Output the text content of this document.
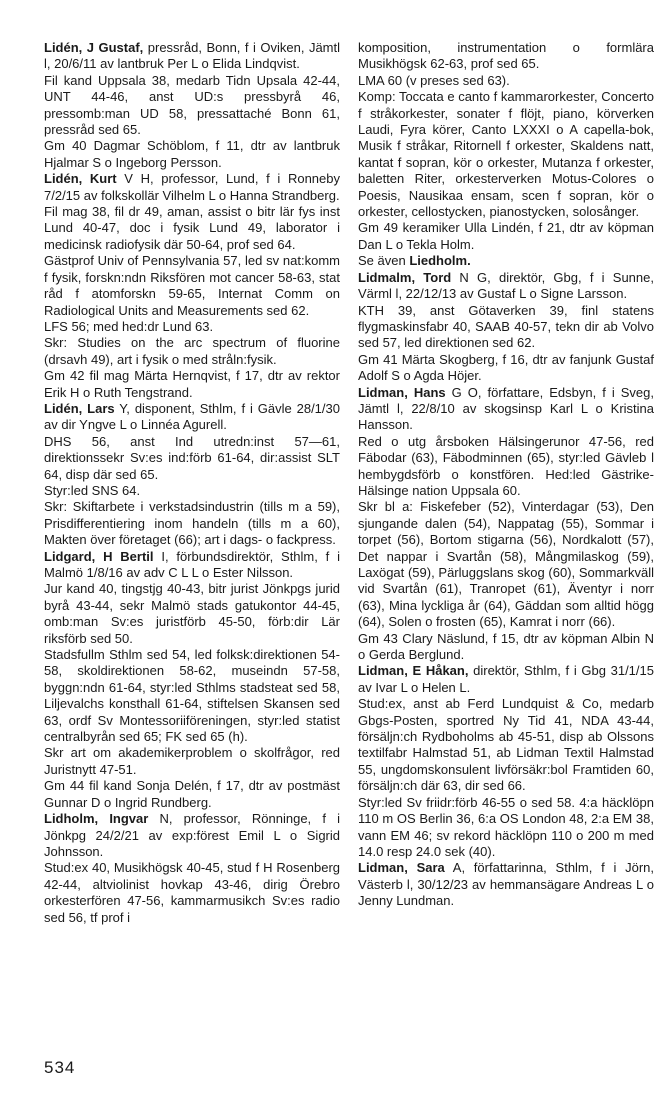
Lidén, J Gustaf, pressråd, Bonn, f i Oviken, Jämtl l, 20/6/11 av lantbruk Per L o Elida Lindqvist.

Fil kand Uppsala 38, medarb Tidn Upsala 42-44, UNT 44-46, anst UD:s pressbyrå 46, pressomb:man UD 58, pressattaché Bonn 61, pressråd sed 65.

Gm 40 Dagmar Schöblom, f 11, dtr av lantbruk Hjalmar S o Ingeborg Persson.

Lidén, Kurt V H, professor, Lund, f i Ronneby 7/2/15 av folkskollär Vilhelm L o Hanna Strandberg.

Fil mag 38, fil dr 49, aman, assist o bitr lär fys inst Lund 40-47, doc i fysik Lund 49, laborator i medicinsk radiofysik där 50-64, prof sed 64.

Gästprof Univ of Pennsylvania 57, led sv nat:komm f fysik, forskn:ndn Riksfören mot cancer 58-63, stat råd f atomforskn 59-65, Internat Comm on Radiological Units and Measurements sed 62.

LFS 56; med hed:dr Lund 63.

Skr: Studies on the arc spectrum of fluorine (drsavh 49), art i fysik o med stråln:fysik.

Gm 42 fil mag Märta Hernqvist, f 17, dtr av rektor Erik H o Ruth Tengstrand.

Lidén, Lars Y, disponent, Sthlm, f i Gävle 28/1/30 av dir Yngve L o Linnéa Agurell.

DHS 56, anst Ind utredn:inst 57—61, direktionssekr Sv:es ind:förb 61-64, dir:assist SLT 64, disp där sed 65.

Styr:led SNS 64.

Skr: Skiftarbete i verkstadsindustrin (tills m a 59), Prisdifferentiering inom handeln (tills m a 60), Makten över företaget (66); art i dags- o fackpress.

Lidgard, H Bertil I, förbundsdirektör, Sthlm, f i Malmö 1/8/16 av adv C L L o Ester Nilsson.

Jur kand 40, tingstjg 40-43, bitr jurist Jönkpgs jurid byrå 43-44, sekr Malmö stads gatukontor 44-45, omb:man Sv:es juristförb 45-50, förb:dir Lär riksförb sed 50.

Stadsfullm Sthlm sed 54, led folksk:direktionen 54-58, skoldirektionen 58-62, museindn 57-58, byggn:ndn 61-64, styr:led Sthlms stadsteat sed 58, Liljevalchs konsthall 61-64, stiftelsen Skansen sed 63, ordf Sv Montessoriiföreningen, styr:led statist centralbyrån sed 65; FK sed 65 (h).

Skr art om akademikerproblem o skolfrågor, red Juristnytt 47-51.

Gm 44 fil kand Sonja Delén, f 17, dtr av postmäst Gunnar D o Ingrid Rundberg.

Lidholm, Ingvar N, professor, Rönninge, f i Jönkpg 24/2/21 av exp:förest Emil L o Sigrid Johnsson.

Stud:ex 40, Musikhögsk 40-45, stud f H Rosenberg 42-44, altviolinist hovkap 43-46, dirig Örebro orkesterfören 47-56, kammarmusikch Sv:es radio sed 56, tf prof i

komposition, instrumentation o formlära Musikhögsk 62-63, prof sed 65.

LMA 60 (v preses sed 63).

Komp: Toccata e canto f kammarorkester, Concerto f stråkorkester, sonater f flöjt, piano, körverken Laudi, Fyra körer, Canto LXXXI o A capella-bok, Musik f stråkar, Ritornell f orkester, Skaldens natt, kantat f sopran, kör o orkester, Mutanza f orkester, baletten Riter, orkesterverken Motus-Colores o Poesis, Nausikaa ensam, scen f sopran, kör o orkester, cellostycken, pianostycken, solosånger.

Gm 49 keramiker Ulla Lindén, f 21, dtr av köpman Dan L o Tekla Holm.

Se även Liedholm.

Lidmalm, Tord N G, direktör, Gbg, f i Sunne, Värml l, 22/12/13 av Gustaf L o Signe Larsson.

KTH 39, anst Götaverken 39, finl statens flygmaskinsfabr 40, SAAB 40-57, tekn dir ab Volvo sed 57, led direktionen sed 62.

Gm 41 Märta Skogberg, f 16, dtr av fanjunk Gustaf Adolf S o Agda Höjer.

Lidman, Hans G O, författare, Edsbyn, f i Sveg, Jämtl l, 22/8/10 av skogsinsp Karl L o Kristina Hansson.

Red o utg årsboken Hälsingerunor 47-56, red Fäbodar (63), Fäbodminnen (65), styr:led Gävleb l hembygdsförb o konstfören. Hed:led Gästrike-Hälsinge nation Uppsala 60.

Skr bl a: Fiskefeber (52), Vinterdagar (53), Den sjungande dalen (54), Nappatag (55), Sommar i torpet (56), Bortom stigarna (56), Nordkalott (57), Det nappar i Svartån (58), Mångmilaskog (59), Laxögat (59), Pärluggslans skog (60), Sommarkväll vid Svartån (61), Tranropet (61), Äventyr i norr (63), Mina lyckliga år (64), Gäddan som alltid högg (64), Solen o frosten (65), Kamrat i norr (66).

Gm 43 Clary Näslund, f 15, dtr av köpman Albin N o Gerda Berglund.

Lidman, E Håkan, direktör, Sthlm, f i Gbg 31/1/15 av Ivar L o Helen L.

Stud:ex, anst ab Ferd Lundquist & Co, medarb Gbgs-Posten, sportred Ny Tid 41, NDA 43-44, försäljn:ch Rydboholms ab 45-51, disp ab Olssons textilfabr Halmstad 51, ab Lidman Textil Halmstad 55, ungdomskonsulent livförsäkr:bol Framtiden 60, försäljn:ch där 63, dir sed 66.

Styr:led Sv friidr:förb 46-55 o sed 58. 4:a häcklöpn 110 m OS Berlin 36, 6:a OS London 48, 2:a EM 38, vann EM 46; sv rekord häcklöpn 110 o 200 m med 14.0 resp 24.0 sek (40).

Lidman, Sara A, författarinna, Sthlm, f i Jörn, Västerb l, 30/12/23 av hemmansägare Andreas L o Jenny Lundman.

534
